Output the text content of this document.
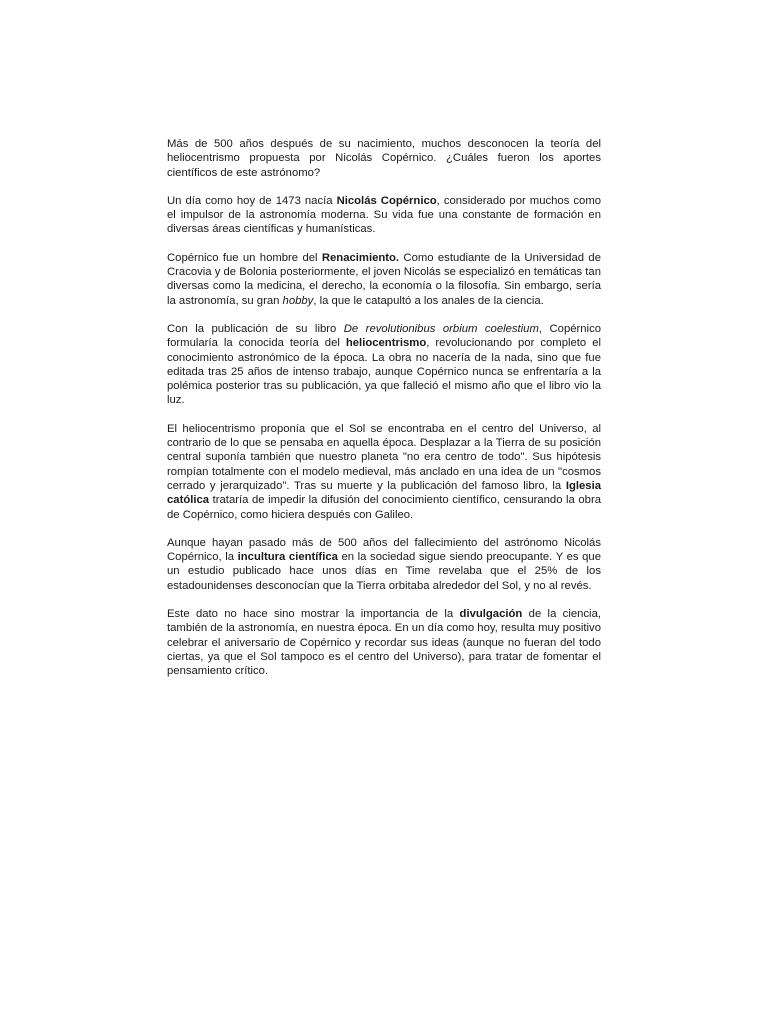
Más de 500 años después de su nacimiento, muchos desconocen la teoría del heliocentrismo propuesta por Nicolás Copérnico. ¿Cuáles fueron los aportes científicos de este astrónomo?

Un día como hoy de 1473 nacía Nicolás Copérnico, considerado por muchos como el impulsor de la astronomía moderna. Su vida fue una constante de formación en diversas áreas científicas y humanísticas.

Copérnico fue un hombre del Renacimiento. Como estudiante de la Universidad de Cracovia y de Bolonia posteriormente, el joven Nicolás se especializó en temáticas tan diversas como la medicina, el derecho, la economía o la filosofía. Sin embargo, sería la astronomía, su gran hobby, la que le catapultó a los anales de la ciencia.

Con la publicación de su libro De revolutionibus orbium coelestium, Copérnico formularía la conocida teoría del heliocentrismo, revolucionando por completo el conocimiento astronómico de la época. La obra no nacería de la nada, sino que fue editada tras 25 años de intenso trabajo, aunque Copérnico nunca se enfrentaría a la polémica posterior tras su publicación, ya que falleció el mismo año que el libro vio la luz.

El heliocentrismo proponía que el Sol se encontraba en el centro del Universo, al contrario de lo que se pensaba en aquella época. Desplazar a la Tierra de su posición central suponía también que nuestro planeta "no era centro de todo". Sus hipótesis rompían totalmente con el modelo medieval, más anclado en una idea de un "cosmos cerrado y jerarquizado". Tras su muerte y la publicación del famoso libro, la Iglesia católica trataría de impedir la difusión del conocimiento científico, censurando la obra de Copérnico, como hiciera después con Galileo.

Aunque hayan pasado más de 500 años del fallecimiento del astrónomo Nicolás Copérnico, la incultura científica en la sociedad sigue siendo preocupante. Y es que un estudio publicado hace unos días en Time revelaba que el 25% de los estadounidenses desconocían que la Tierra orbitaba alrededor del Sol, y no al revés.

Este dato no hace sino mostrar la importancia de la divulgación de la ciencia, también de la astronomía, en nuestra época. En un día como hoy, resulta muy positivo celebrar el aniversario de Copérnico y recordar sus ideas (aunque no fueran del todo ciertas, ya que el Sol tampoco es el centro del Universo), para tratar de fomentar el pensamiento crítico.
